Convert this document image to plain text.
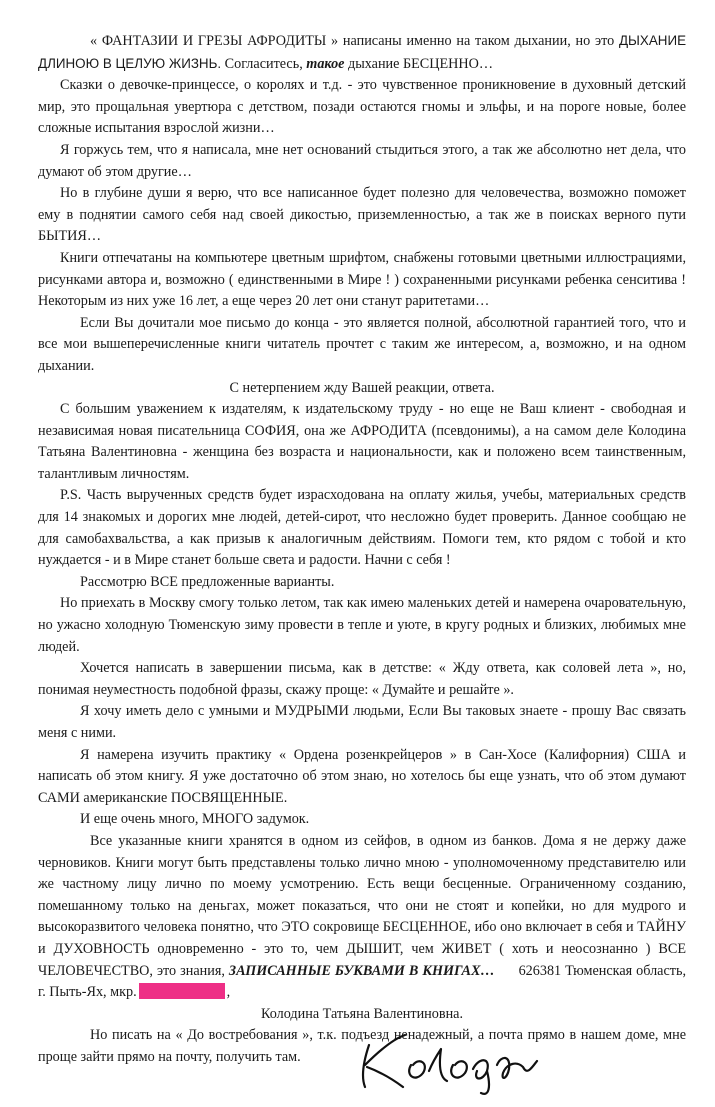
« ФАНТАЗИИ И ГРЕЗЫ АФРОДИТЫ » написаны именно на таком дыхании, но это ДЫХАНИЕ ДЛИНОЮ В ЦЕЛУЮ ЖИЗНЬ. Согласитесь, такое дыхание БЕСЦЕННО…

Сказки о девочке-принцессе, о королях и т.д. - это чувственное проникновение в духовный детский мир, это прощальная увертюра с детством, позади остаются гномы и эльфы, и на пороге новые, более сложные испытания взрослой жизни…

Я горжусь тем, что я написала, мне нет оснований стыдиться этого, а так же абсолютно нет дела, что думают об этом другие…

Но в глубине души я верю, что все написанное будет полезно для человечества, возможно поможет ему в поднятии самого себя над своей дикостью, приземленностью, а так же в поисках верного пути БЫТИЯ…

Книги отпечатаны на компьютере цветным шрифтом, снабжены готовыми цветными иллюстрациями, рисунками автора и, возможно ( единственными в Мире ! ) сохраненными рисунками ребенка сенситива ! Некоторым из них уже 16 лет, а еще через 20 лет они станут раритетами…

Если Вы дочитали мое письмо до конца - это является полной, абсолютной гарантией того, что и все мои вышеперечисленные книги читатель прочтет с таким же интересом, а, возможно, и на одном дыхании.

С нетерпением жду Вашей реакции, ответа.

С большим уважением к издателям, к издательскому труду - но еще не Ваш клиент - свободная и независимая новая писательница СОФИЯ, она же АФРОДИТА (псевдонимы), а на самом деле Колодина Татьяна Валентиновна - женщина без возраста и национальности, как и положено всем таинственным, талантливым личностям.

P.S. Часть вырученных средств будет израсходована на оплату жилья, учебы, материальных средств для 14 знакомых и дорогих мне людей, детей-сирот, что несложно будет проверить. Данное сообщаю не для самобахвальства, а как призыв к аналогичным действиям. Помоги тем, кто рядом с тобой и кто нуждается - и в Мире станет больше света и радости. Начни с себя !

Рассмотрю ВСЕ предложенные варианты.

Но приехать в Москву смогу только летом, так как имею маленьких детей и намерена очаровательную, но ужасно холодную Тюменскую зиму провести в тепле и уюте, в кругу родных и близких, любимых мне людей.

Хочется написать в завершении письма, как в детстве: « Жду ответа, как соловей лета », но, понимая неуместность подобной фразы, скажу проще: « Думайте и решайте ».

Я хочу иметь дело с умными и МУДРЫМИ людьми, Если Вы таковых знаете - прошу Вас связать меня с ними.

Я намерена изучить практику « Ордена розенкрейцеров » в Сан-Хосе (Калифорния) США и написать об этом книгу. Я уже достаточно об этом знаю, но хотелось бы еще узнать, что об этом думают САМИ американские ПОСВЯЩЕННЫЕ.

И еще очень много, МНОГО задумок.

Все указанные книги хранятся в одном из сейфов, в одном из банков. Дома я не держу даже черновиков. Книги могут быть представлены только лично мною - уполномоченному представителю или же частному лицу лично по моему усмотрению. Есть вещи бесценные. Ограниченному созданию, помешанному только на деньгах, может показаться, что они не стоят и копейки, но для мудрого и высокоразвитого человека понятно, что ЭТО сокровище БЕСЦЕННОЕ, ибо оно включает в себя и ТАЙНУ и ДУХОВНОСТЬ одновременно - это то, чем ДЫШИТ, чем ЖИВЕТ ( хоть и неосознанно ) ВСЕ ЧЕЛОВЕЧЕСТВО, это знания, ЗАПИСАННЫЕ БУКВАМИ В КНИГАХ… 626381 Тюменская область, г. Пыть-Ях, мкр.	,

Колодина Татьяна Валентиновна.

Но писать на « До востребования », т.к. подъезд ненадежный, а почта прямо в нашем доме, мне проще зайти прямо на почту, получить там.
